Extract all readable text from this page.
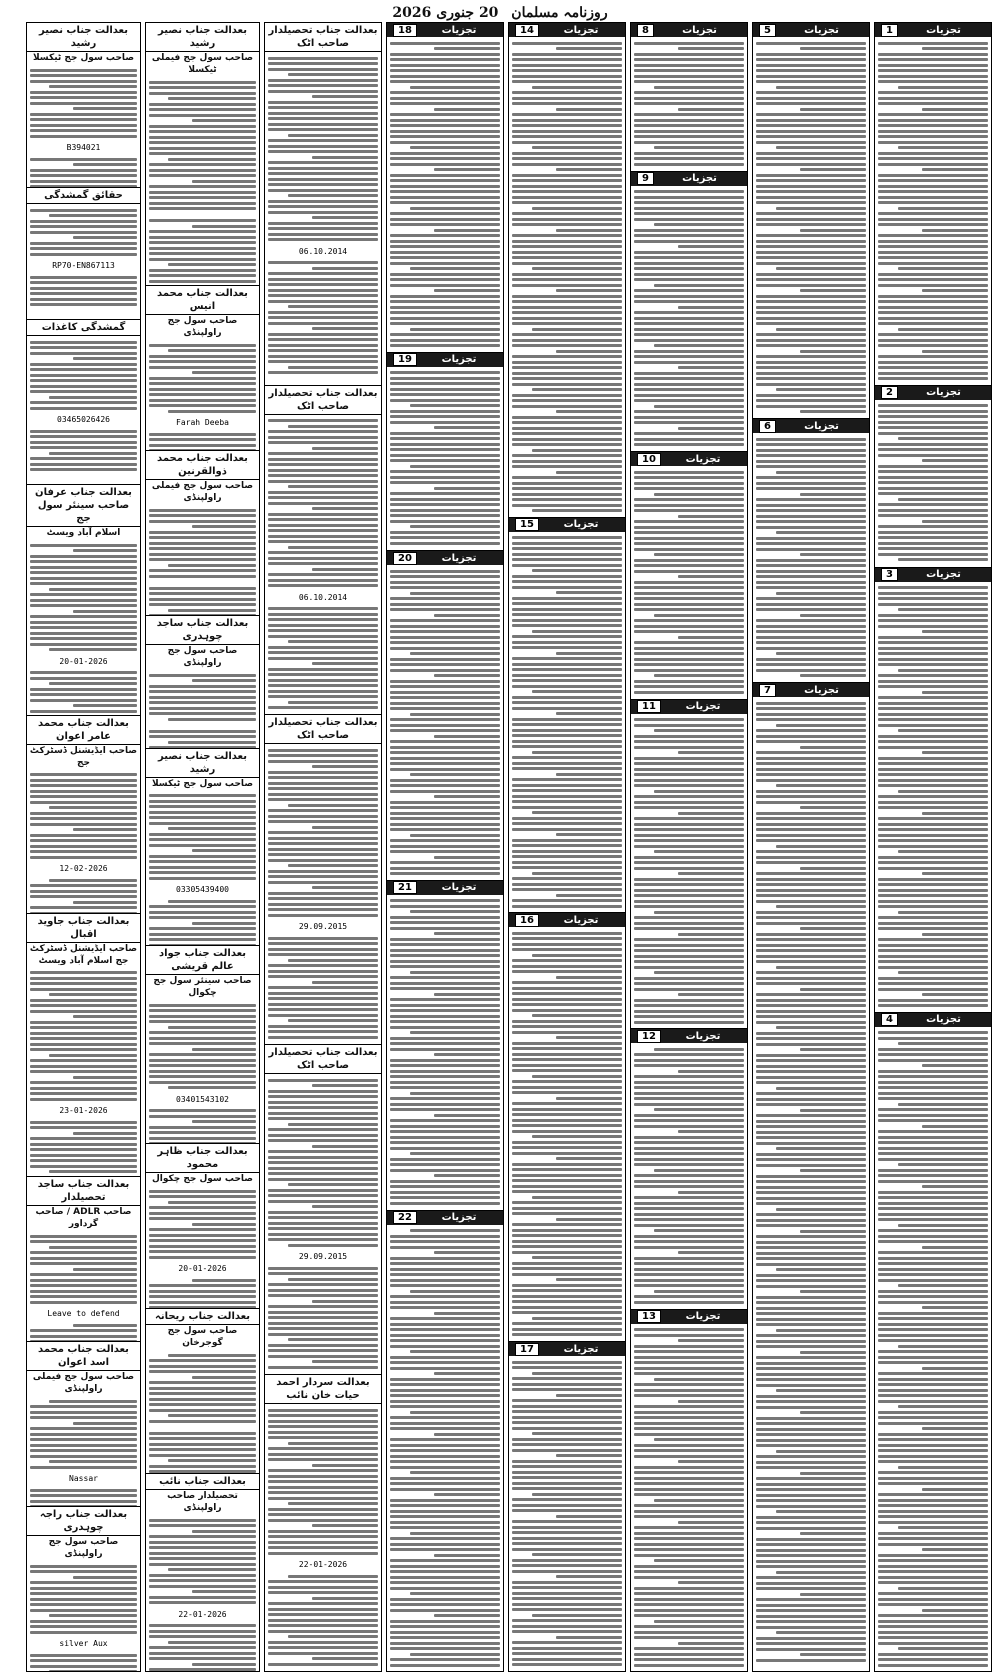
روزنامہ مسلمان 20 جنوری 2026
1	تجزیات
2	تجزیات
3	تجزیات
4	تجزیات
5	تجزیات
6	تجزیات
7	تجزیات
8	تجزیات
9	تجزیات
10	تجزیات
11	تجزیات
12	تجزیات
13	تجزیات
14	تجزیات
15	تجزیات
16	تجزیات
17	تجزیات
18	تجزیات
19	تجزیات
20	تجزیات
21	تجزیات
22	تجزیات
بعدالت جناب تحصیلدار صاحب اٹک
06.10.2014
بعدالت جناب تحصیلدار صاحب اٹک
06.10.2014
بعدالت جناب تحصیلدار صاحب اٹک
29.09.2015
بعدالت جناب تحصیلدار صاحب اٹک
29.09.2015
بعدالت سردار احمد حیات خان نائب
22-01-2026
بعدالت جناب نصیر رشید
صاحب سول جج فیملی ٹیکسلا
بعدالت جناب محمد انیس
صاحب سول جج راولپنڈی
Farah Deeba
بعدالت جناب محمد ذوالقرنین
صاحب سول جج فیملی راولپنڈی
بعدالت جناب ساجد چوہدری
صاحب سول جج راولپنڈی
بعدالت جناب نصیر رشید
صاحب سول جج ٹیکسلا
03305439400
بعدالت جناب جواد عالم قریشی
صاحب سینئر سول جج چکوال
03401543102
بعدالت جناب ظاہر محمود
صاحب سول جج چکوال
20-01-2026
بعدالت جناب ریحانہ
صاحب سول جج گوجرخان
بعدالت جناب نائب
تحصیلدار صاحب راولپنڈی
22-01-2026
بعدالت جناب نصیر رشید
صاحب سول جج ٹیکسلا
B394021
حقائق گمشدگی
RP70-EN867113
گمشدگی کاغذات
03465026426
بعدالت جناب عرفان صاحب سینئر سول جج
اسلام آباد ویسٹ
20-01-2026
بعدالت جناب محمد عامر اعوان
صاحب ایڈیشنل ڈسٹرکٹ جج
12-02-2026
بعدالت جناب جاوید اقبال
صاحب ایڈیشنل ڈسٹرکٹ جج اسلام آباد ویسٹ
23-01-2026
بعدالت جناب ساجد تحصیلدار
صاحب ADLR / صاحب گرداور
Leave to defend
بعدالت جناب محمد اسد اعوان
صاحب سول جج فیملی راولپنڈی
Nassar
بعدالت جناب راجہ چوہدری
صاحب سول جج راولپنڈی
silver Aux
